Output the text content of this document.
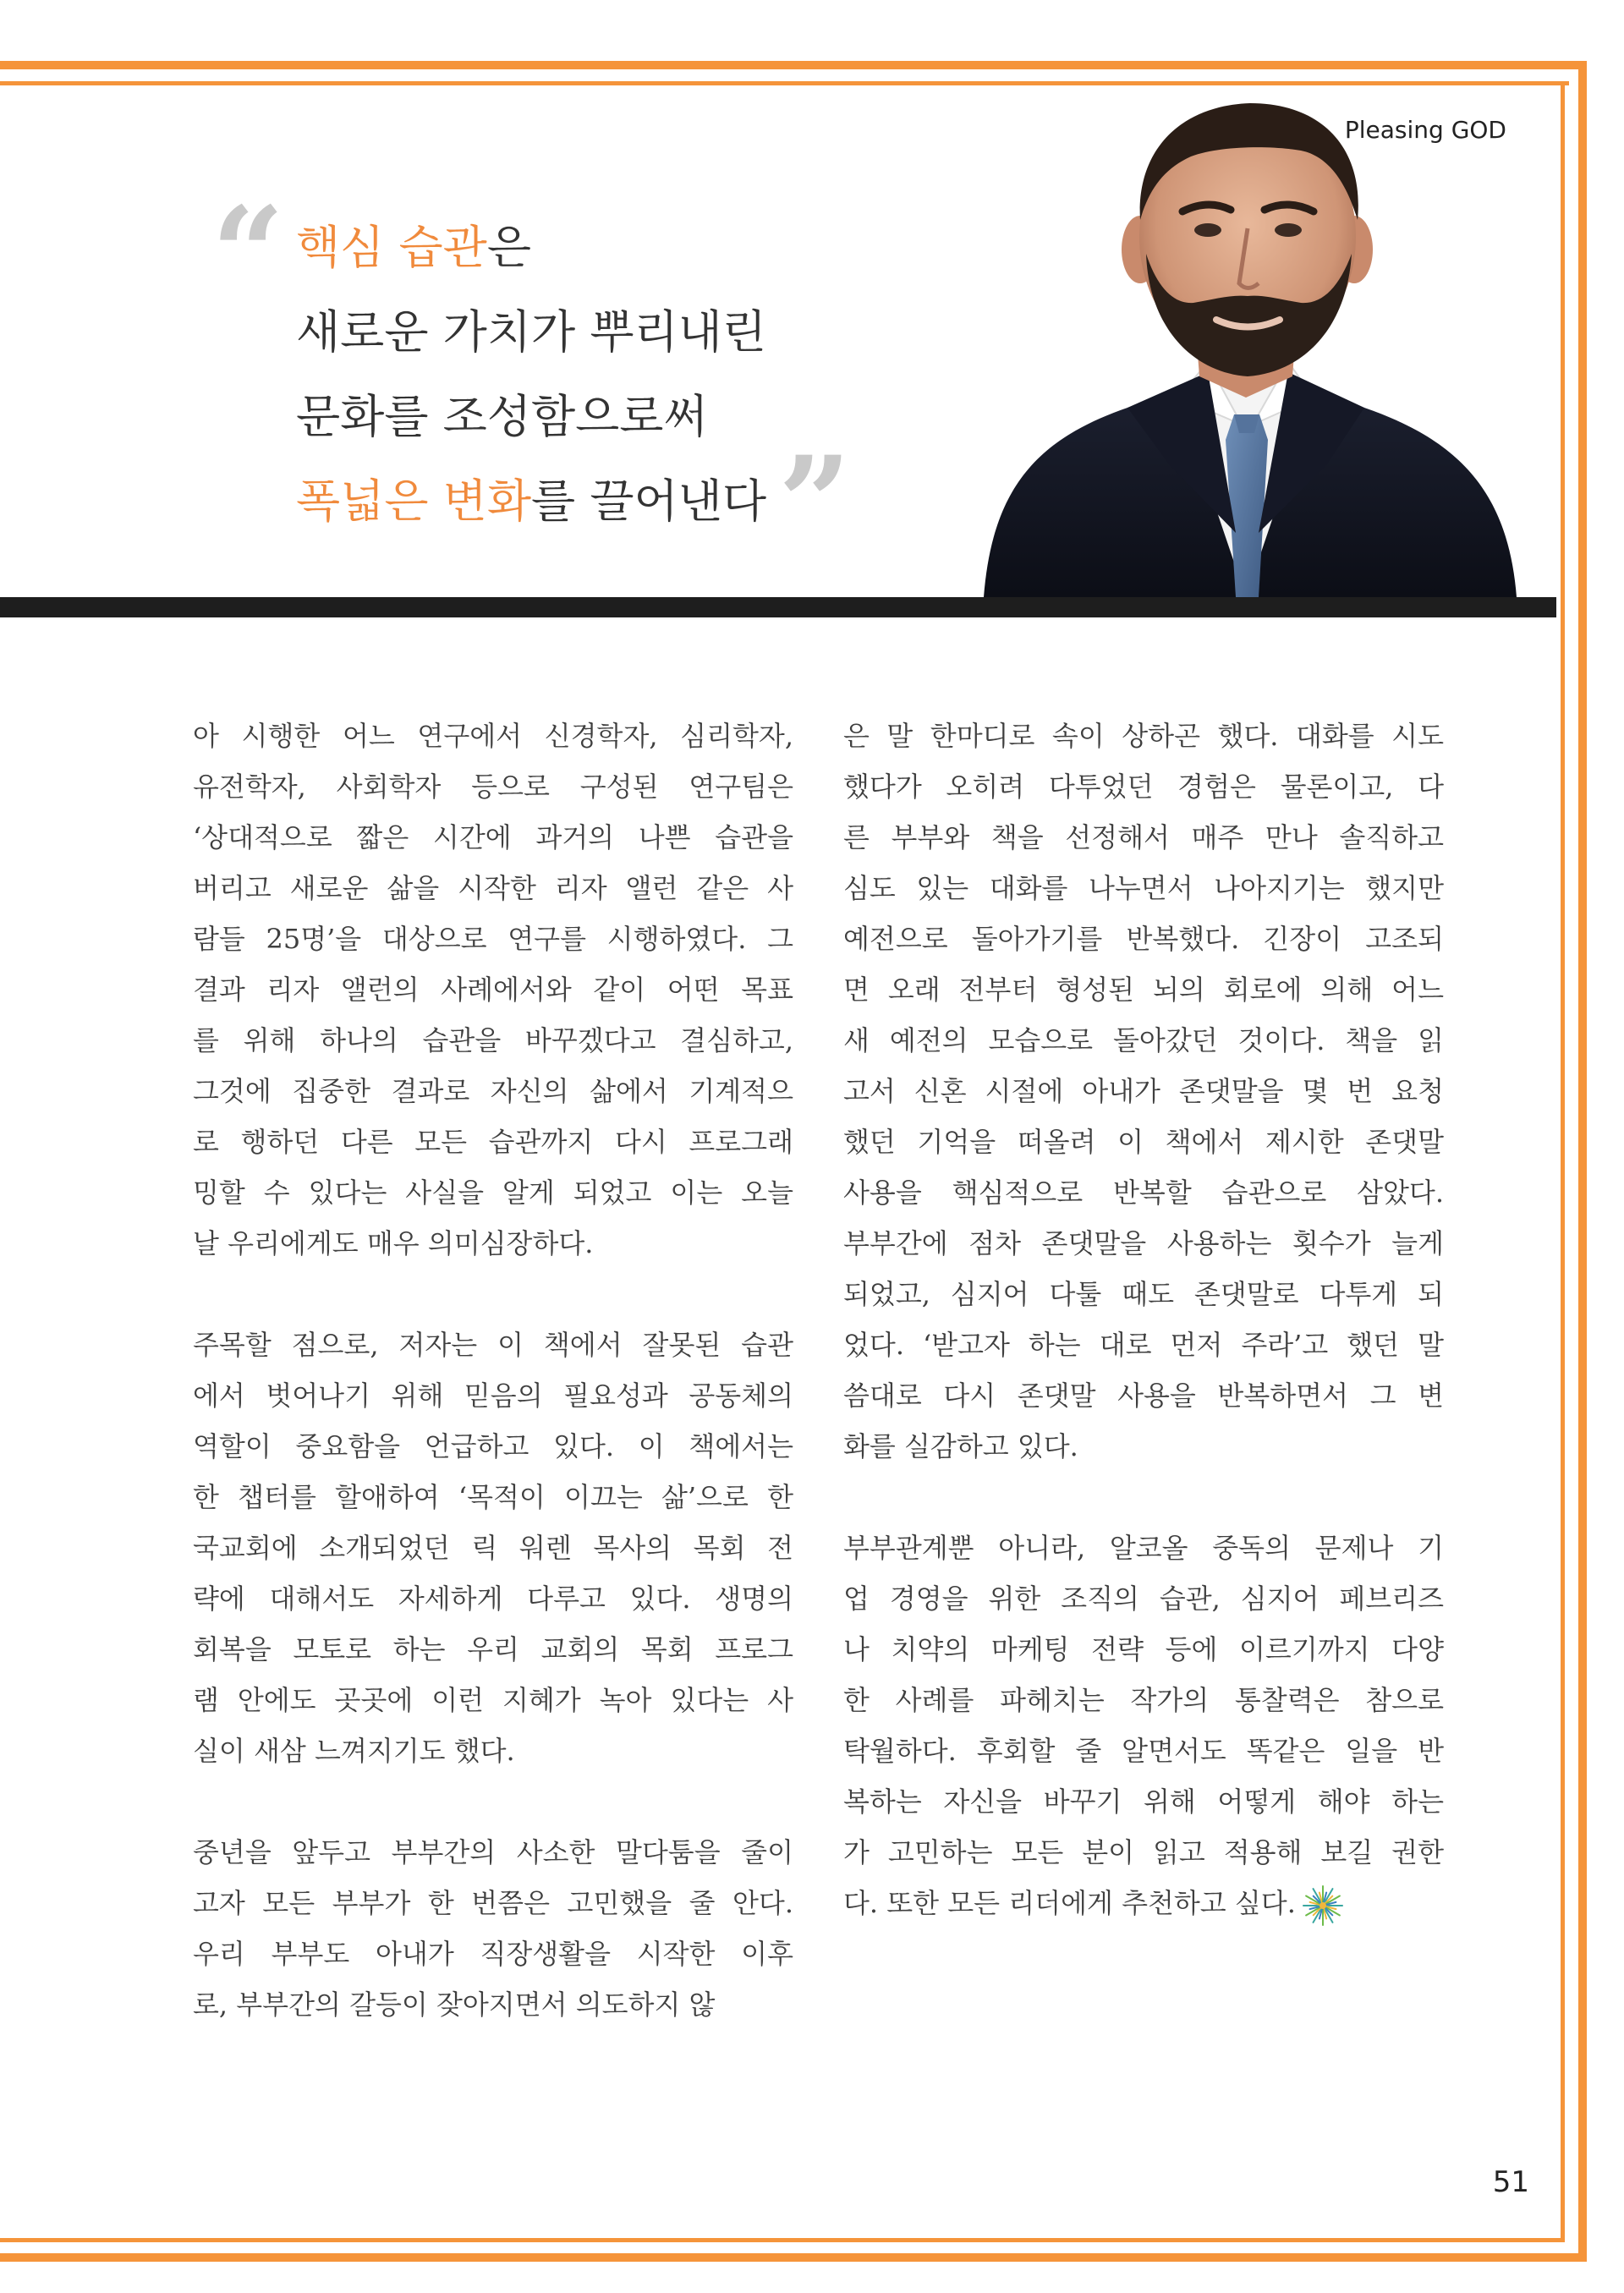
Pleasing GOD
“ 핵심 습관은
새로운 가치가 뿌리내린
문화를 조성함으로써
폭넓은 변화를 끌어낸다”
아 시행한 어느 연구에서 신경학자, 심리학자,
유전학자, 사회학자 등으로 구성된 연구팀은
‘상대적으로 짧은 시간에 과거의 나쁜 습관을
버리고 새로운 삶을 시작한 리자 앨런 같은 사
람들 25명’을 대상으로 연구를 시행하였다. 그
결과 리자 앨런의 사례에서와 같이 어떤 목표
를 위해 하나의 습관을 바꾸겠다고 결심하고,
그것에 집중한 결과로 자신의 삶에서 기계적으
로 행하던 다른 모든 습관까지 다시 프로그래
밍할 수 있다는 사실을 알게 되었고 이는 오늘
날 우리에게도 매우 의미심장하다.
주목할 점으로, 저자는 이 책에서 잘못된 습관
에서 벗어나기 위해 믿음의 필요성과 공동체의
역할이 중요함을 언급하고 있다. 이 책에서는
한 챕터를 할애하여 ‘목적이 이끄는 삶’으로 한
국교회에 소개되었던 릭 워렌 목사의 목회 전
략에 대해서도 자세하게 다루고 있다. 생명의
회복을 모토로 하는 우리 교회의 목회 프로그
램 안에도 곳곳에 이런 지혜가 녹아 있다는 사
실이 새삼 느껴지기도 했다.
중년을 앞두고 부부간의 사소한 말다툼을 줄이
고자 모든 부부가 한 번쯤은 고민했을 줄 안다.
우리 부부도 아내가 직장생활을 시작한 이후
로, 부부간의 갈등이 잦아지면서 의도하지 않
은 말 한마디로 속이 상하곤 했다. 대화를 시도
했다가 오히려 다투었던 경험은 물론이고, 다
른 부부와 책을 선정해서 매주 만나 솔직하고
심도 있는 대화를 나누면서 나아지기는 했지만
예전으로 돌아가기를 반복했다. 긴장이 고조되
면 오래 전부터 형성된 뇌의 회로에 의해 어느
새 예전의 모습으로 돌아갔던 것이다. 책을 읽
고서 신혼 시절에 아내가 존댓말을 몇 번 요청
했던 기억을 떠올려 이 책에서 제시한 존댓말
사용을 핵심적으로 반복할 습관으로 삼았다.
부부간에 점차 존댓말을 사용하는 횟수가 늘게
되었고, 심지어 다툴 때도 존댓말로 다투게 되
었다. ‘받고자 하는 대로 먼저 주라’고 했던 말
씀대로 다시 존댓말 사용을 반복하면서 그 변
화를 실감하고 있다.
부부관계뿐 아니라, 알코올 중독의 문제나 기
업 경영을 위한 조직의 습관, 심지어 페브리즈
나 치약의 마케팅 전략 등에 이르기까지 다양
한 사례를 파헤치는 작가의 통찰력은 참으로
탁월하다. 후회할 줄 알면서도 똑같은 일을 반
복하는 자신을 바꾸기 위해 어떻게 해야 하는
가 고민하는 모든 분이 읽고 적용해 보길 권한
다. 또한 모든 리더에게 추천하고 싶다.
51
